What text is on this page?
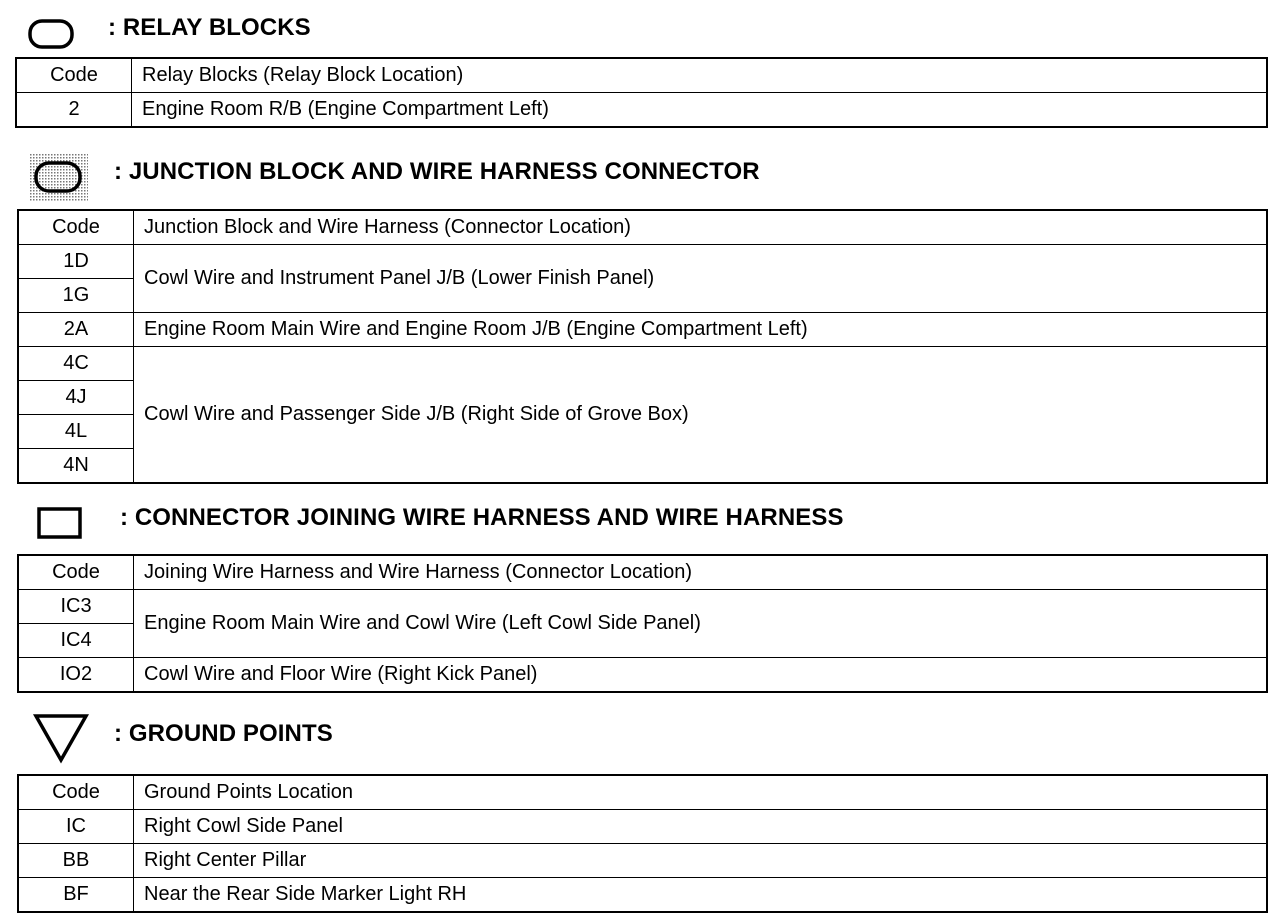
: RELAY BLOCKS
Code	Relay Blocks (Relay Block Location)
2	Engine Room R/B (Engine Compartment Left)
: JUNCTION BLOCK AND WIRE HARNESS CONNECTOR
Code	Junction Block and Wire Harness (Connector Location)
1D	Cowl Wire and Instrument Panel J/B (Lower Finish Panel)
1G	
2A	Engine Room Main Wire and Engine Room J/B (Engine Compartment Left)
4C	Cowl Wire and Passenger Side J/B (Right Side of Grove Box)
4J	
4L	
4N	
: CONNECTOR JOINING WIRE HARNESS AND WIRE HARNESS
Code	Joining Wire Harness and Wire Harness (Connector Location)
IC3	Engine Room Main Wire and Cowl Wire (Left Cowl Side Panel)
IC4	
IO2	Cowl Wire and Floor Wire (Right Kick Panel)
: GROUND POINTS
Code	Ground Points Location
IC	Right Cowl Side Panel
BB	Right Center Pillar
BF	Near the Rear Side Marker Light RH
